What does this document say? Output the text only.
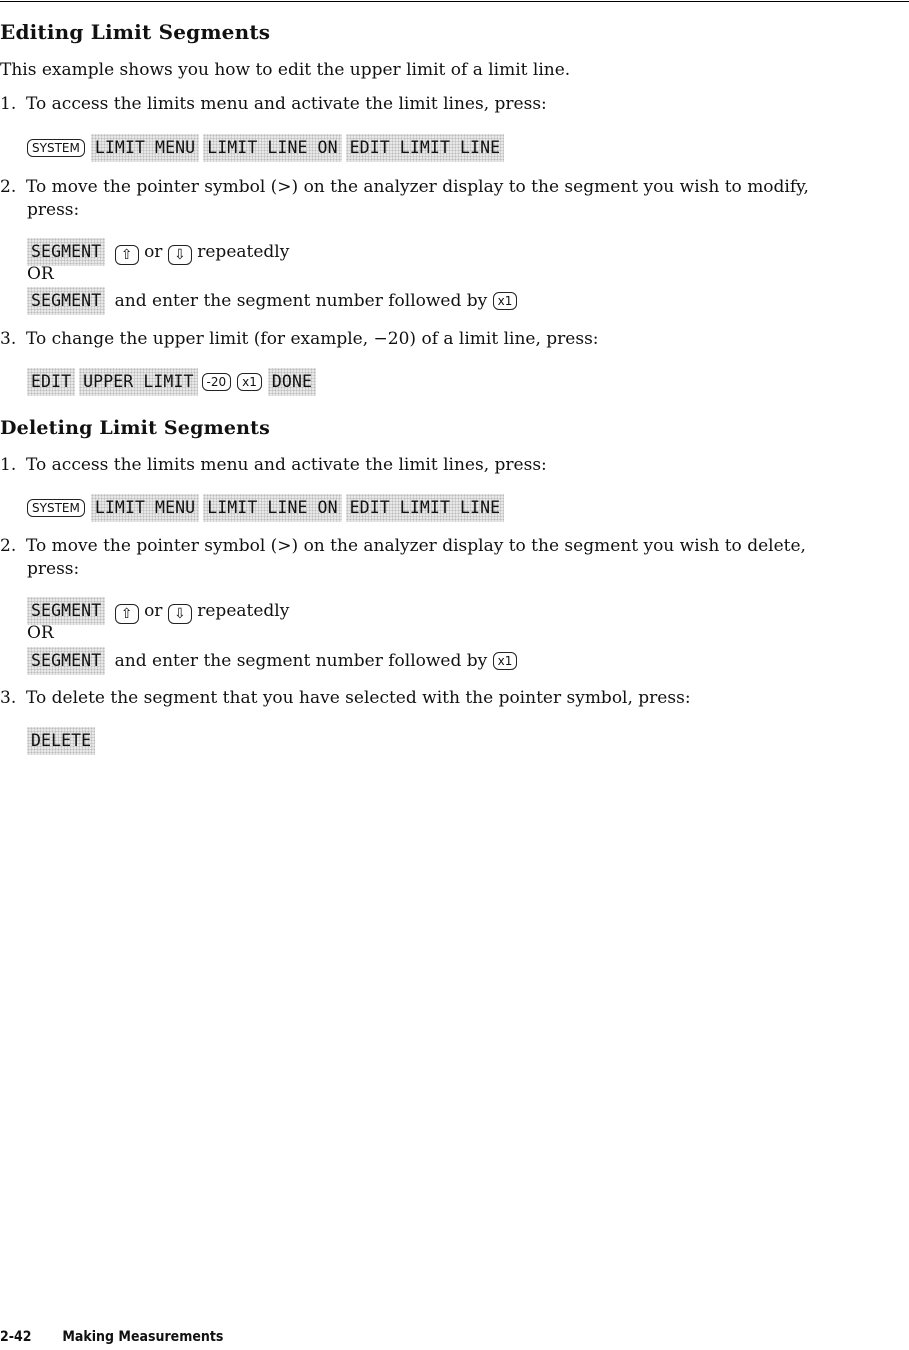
Editing Limit Segments
This example shows you how to edit the upper limit of a limit line.
1. To access the limits menu and activate the limit lines, press:
SYSTEM LIMIT MENU LIMIT LINE ON EDIT LIMIT LINE
2. To move the pointer symbol (>) on the analyzer display to the segment you wish to modify,
press:
SEGMENT ⇧ or ⇩ repeatedly
OR
SEGMENT and enter the segment number followed by x1
3. To change the upper limit (for example, −20) of a limit line, press:
EDIT UPPER LIMIT -20 x1 DONE
Deleting Limit Segments
1. To access the limits menu and activate the limit lines, press:
SYSTEM LIMIT MENU LIMIT LINE ON EDIT LIMIT LINE
2. To move the pointer symbol (>) on the analyzer display to the segment you wish to delete,
press:
SEGMENT ⇧ or ⇩ repeatedly
OR
SEGMENT and enter the segment number followed by x1
3. To delete the segment that you have selected with the pointer symbol, press:
DELETE
2-42 Making Measurements
